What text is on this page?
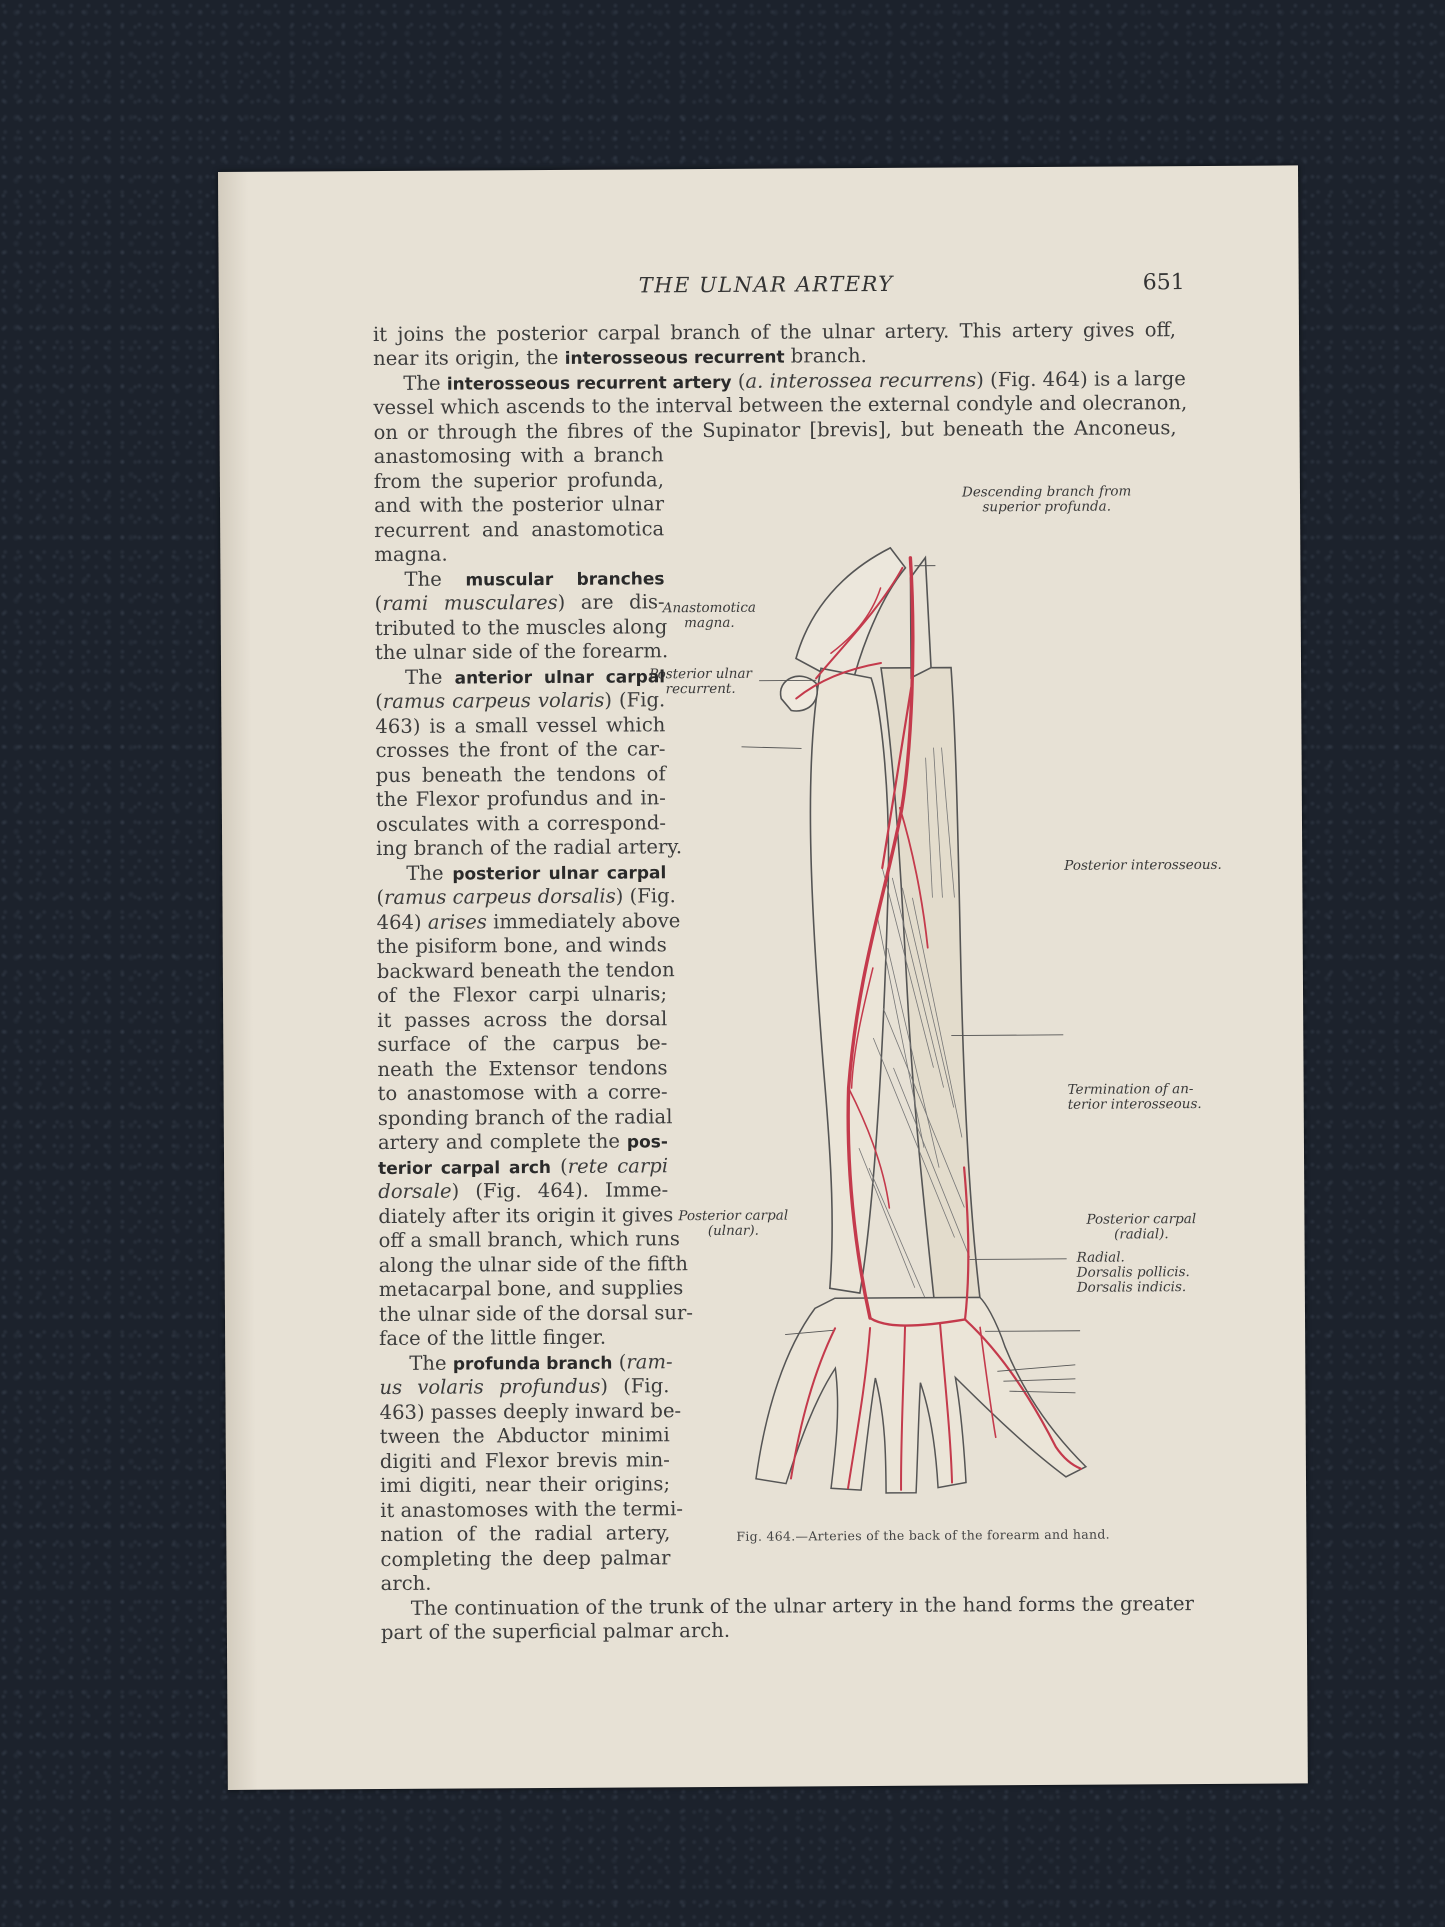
THE ULNAR ARTERY	651
it joins the posterior carpal branch of the ulnar artery. This artery gives off,
near its origin, the interosseous recurrent branch.
The interosseous recurrent artery (a. interossea recurrens) (Fig. 464) is a large
vessel which ascends to the interval between the external condyle and olecranon,
on or through the fibres of the Supinator [brevis], but beneath the Anconeus,
anastomosing with a branch
from the superior profunda,
and with the posterior ulnar
recurrent and anastomotica
magna.
The muscular branches
(rami musculares) are dis-
tributed to the muscles along
the ulnar side of the forearm.
The anterior ulnar carpal
(ramus carpeus volaris) (Fig.
463) is a small vessel which
crosses the front of the car-
pus beneath the tendons of
the Flexor profundus and in-
osculates with a correspond-
ing branch of the radial artery.
The posterior ulnar carpal
(ramus carpeus dorsalis) (Fig.
464) arises immediately above
the pisiform bone, and winds
backward beneath the tendon
of the Flexor carpi ulnaris;
it passes across the dorsal
surface of the carpus be-
neath the Extensor tendons
to anastomose with a corre-
sponding branch of the radial
artery and complete the pos-
terior carpal arch (rete carpi
dorsale) (Fig. 464). Imme-
diately after its origin it gives
off a small branch, which runs
along the ulnar side of the fifth
metacarpal bone, and supplies
the ulnar side of the dorsal sur-
face of the little finger.
The profunda branch (ram-
us volaris profundus) (Fig.
463) passes deeply inward be-
tween the Abductor minimi
digiti and Flexor brevis min-
imi digiti, near their origins;
it anastomoses with the termi-
nation of the radial artery,
completing the deep palmar
arch.
The continuation of the trunk of the ulnar artery in the hand forms the greater
part of the superficial palmar arch.
Descending branch from
superior profunda.
Anastomotica
magna.
Posterior ulnar
recurrent.
Posterior interosseous.
Termination of an-
terior interosseous.
Posterior carpal
(ulnar).
Posterior carpal
(radial).
Radial.
Dorsalis pollicis.
Dorsalis indicis.
Fig. 464.—Arteries of the back of the forearm and hand.
